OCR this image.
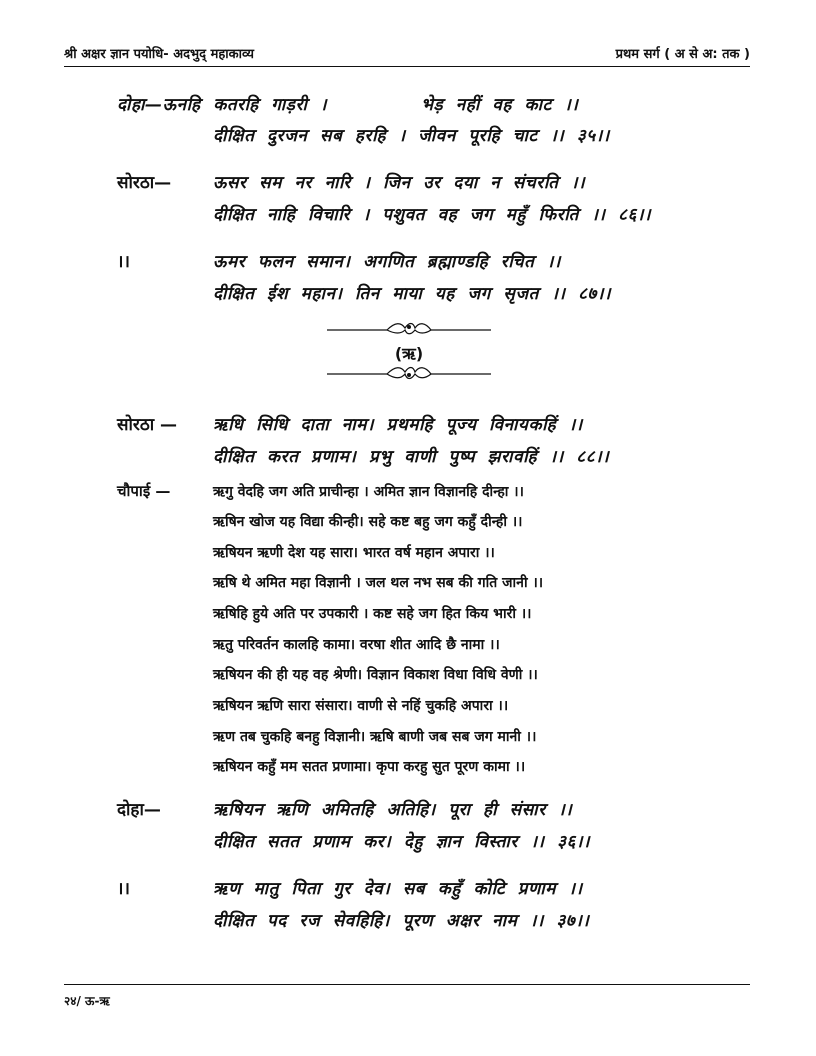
श्री अक्षर ज्ञान पयोधि- अदभुद् महाकाव्य	प्रथम सर्ग ( अ से अ: तक )
दोहा—ऊनहि कतरहि गाड़री ।	भेड़ नहीं वह काट ।।
दीक्षित दुरजन सब हरहि । जीवन पूरहि चाट ।। ३५।।
सोरठा— ऊसर सम नर नारि । जिन उर दया न संचरति ।।
दीक्षित नाहि विचारि । पशुवत वह जग महुँ फिरति ।। ८६।।
।।	ऊमर फलन समान। अगणित ब्रह्माण्डहि रचित ।।
दीक्षित ईश महान। तिन माया यह जग सृजत ।। ८७।।
(ऋ)
सोरठा — ऋधि सिधि दाता नाम। प्रथमहि पूज्य विनायकहिं ।।
दीक्षित करत प्रणाम। प्रभु वाणी पुष्प झरावहिं ।। ८८।।
चौपाई —	ऋगु वेदहि जग अति प्राचीन्हा । अमित ज्ञान विज्ञानहि दीन्हा ।।
ऋषिन खोज यह विद्या कीन्ही। सहे कष्ट बहु जग कहुँ दीन्ही ।।
ऋषियन ऋणी देश यह सारा। भारत वर्ष महान अपारा ।।
ऋषि थे अमित महा विज्ञानी । जल थल नभ सब की गति जानी ।।
ऋषिहि हुये अति पर उपकारी । कष्ट सहे जग हित किय भारी ।।
ऋतु परिवर्तन कालहि कामा। वरषा शीत आदि छै नामा ।।
ऋषियन की ही यह वह श्रेणी। विज्ञान विकाश विधा विधि वेणी ।।
ऋषियन ऋणि सारा संसारा। वाणी से नहिं चुकहि अपारा ।।
ऋण तब चुकहि बनहु विज्ञानी। ऋषि बाणी जब सब जग मानी ।।
ऋषियन कहुँ मम सतत प्रणामा। कृपा करहु सुत पूरण कामा ।।
दोहा—	ऋषियन ऋणि अमितहि अतिहि। पूरा ही संसार ।।
दीक्षित सतत प्रणाम कर। देहु ज्ञान विस्तार ।। ३६।।
।।	ऋण मातु पिता गुर देव। सब कहुँ कोटि प्रणाम ।।
दीक्षित पद रज सेवहिहि। पूरण अक्षर नाम ।। ३७।।
२४/ ऊ-ऋ
